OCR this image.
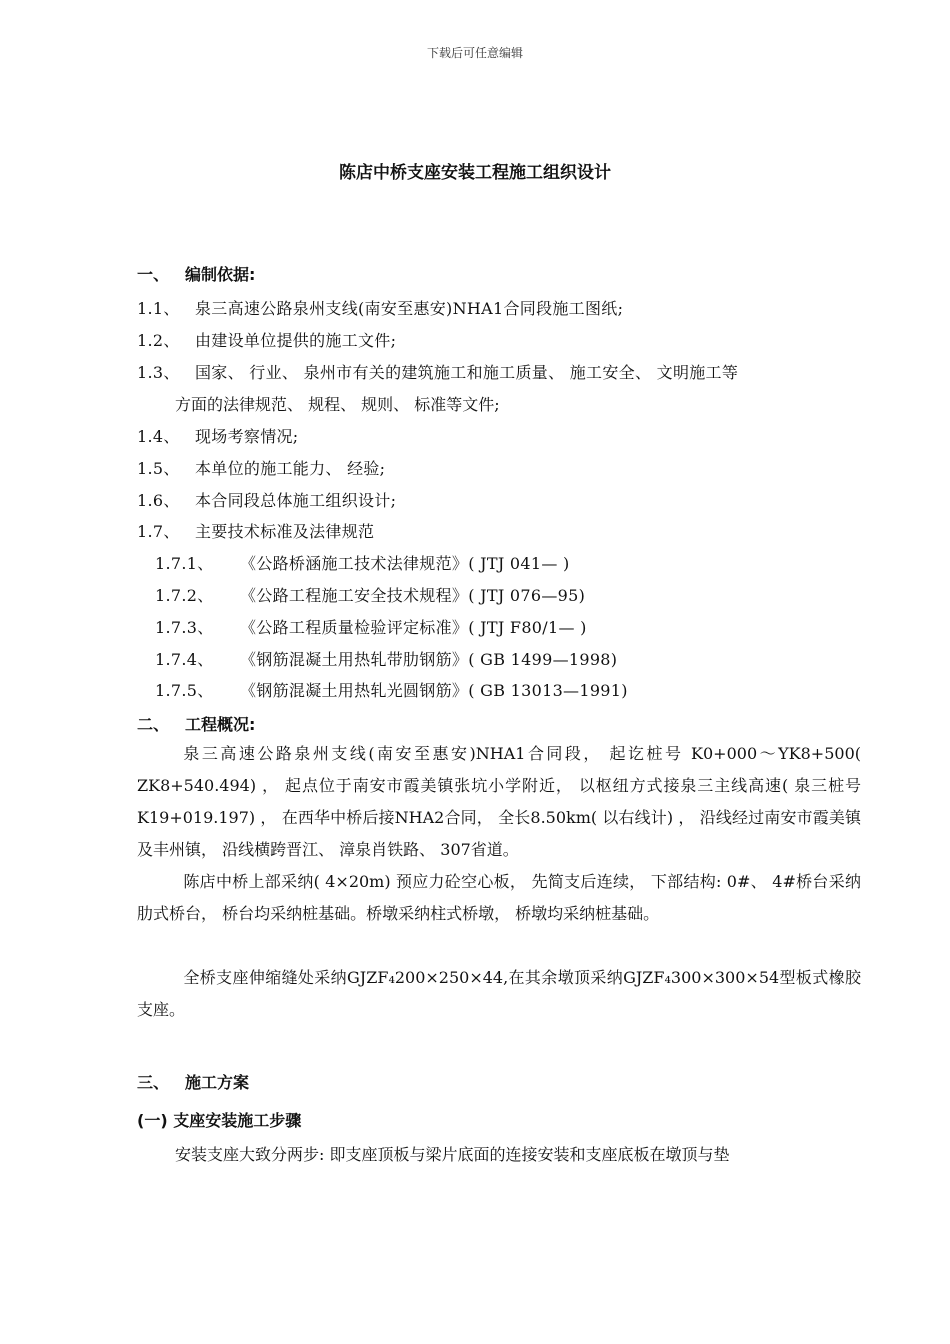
下载后可任意编辑
陈店中桥支座安装工程施工组织设计
一、 编制依据:
1.1、 泉三高速公路泉州支线(南安至惠安)NHA1合同段施工图纸;
1.2、 由建设单位提供的施工文件;
1.3、 国家、 行业、 泉州市有关的建筑施工和施工质量、 施工安全、 文明施工等
方面的法律规范、 规程、 规则、 标准等文件;
1.4、 现场考察情况;
1.5、 本单位的施工能力、 经验;
1.6、 本合同段总体施工组织设计;
1.7、 主要技术标准及法律规范
1.7.1、 《公路桥涵施工技术法律规范》( JTJ 041— )
1.7.2、 《公路工程施工安全技术规程》( JTJ 076—95)
1.7.3、 《公路工程质量检验评定标准》( JTJ F80/1— )
1.7.4、 《钢筋混凝土用热轧带肋钢筋》( GB 1499—1998)
1.7.5、 《钢筋混凝土用热轧光圆钢筋》( GB 13013—1991)
二、 工程概况:
泉三高速公路泉州支线(南安至惠安)NHA1合同段， 起讫桩号 K0+000～YK8+500( ZK8+540.494) ， 起点位于南安市霞美镇张坑小学附近， 以枢纽方式接泉三主线高速( 泉三桩号K19+019.197) ， 在西华中桥后接NHA2合同， 全长8.50km( 以右线计) ， 沿线经过南安市霞美镇及丰州镇， 沿线横跨晋江、 漳泉肖铁路、 307省道。
陈店中桥上部采纳( 4×20m) 预应力砼空心板， 先简支后连续， 下部结构: 0#、 4#桥台采纳肋式桥台， 桥台均采纳桩基础。桥墩采纳柱式桥墩， 桥墩均采纳桩基础。
全桥支座伸缩缝处采纳GJZF₄200×250×44,在其余墩顶采纳GJZF₄300×300×54型板式橡胶支座。
三、 施工方案
(一) 支座安装施工步骤
安装支座大致分两步: 即支座顶板与梁片底面的连接安装和支座底板在墩顶与垫
